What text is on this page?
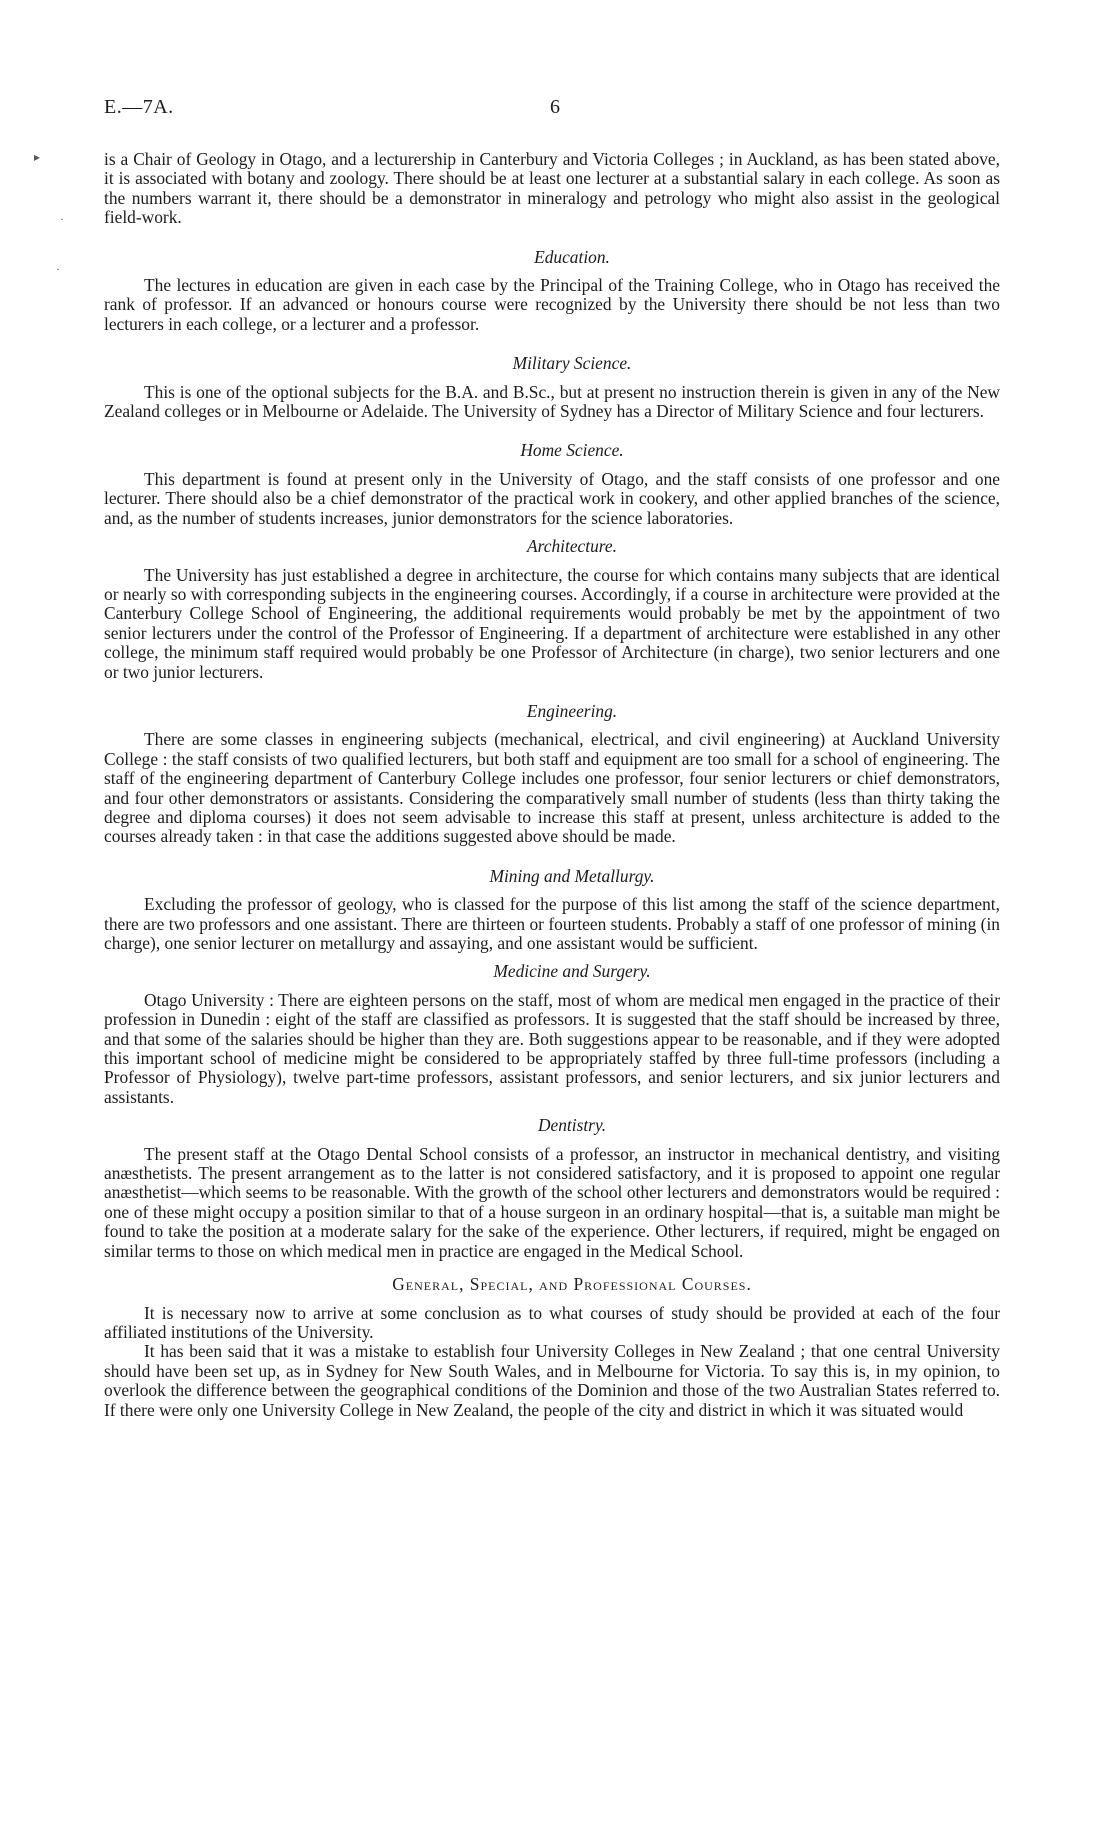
E.—7A.	6
▸
·
·

is a Chair of Geology in Otago, and a lecturership in Canterbury and Victoria Colleges ; in Auckland, as has been stated above, it is associated with botany and zoology. There should be at least one lecturer at a substantial salary in each college. As soon as the numbers warrant it, there should be a demonstrator in mineralogy and petrology who might also assist in the geological field-work.

Education.

The lectures in education are given in each case by the Principal of the Training College, who in Otago has received the rank of professor. If an advanced or honours course were recognized by the University there should be not less than two lecturers in each college, or a lecturer and a professor.

Military Science.

This is one of the optional subjects for the B.A. and B.Sc., but at present no instruction therein is given in any of the New Zealand colleges or in Melbourne or Adelaide. The University of Sydney has a Director of Military Science and four lecturers.

Home Science.

This department is found at present only in the University of Otago, and the staff consists of one professor and one lecturer. There should also be a chief demonstrator of the practical work in cookery, and other applied branches of the science, and, as the number of students increases, junior demonstrators for the science laboratories.

Architecture.

The University has just established a degree in architecture, the course for which contains many subjects that are identical or nearly so with corresponding subjects in the engineering courses. Accordingly, if a course in architecture were provided at the Canterbury College School of Engineering, the additional requirements would probably be met by the appointment of two senior lecturers under the control of the Professor of Engineering. If a department of architecture were established in any other college, the minimum staff required would probably be one Professor of Architecture (in charge), two senior lecturers and one or two junior lecturers.

Engineering.

There are some classes in engineering subjects (mechanical, electrical, and civil engineering) at Auckland University College : the staff consists of two qualified lecturers, but both staff and equipment are too small for a school of engineering. The staff of the engineering department of Canterbury College includes one professor, four senior lecturers or chief demonstrators, and four other demonstrators or assistants. Considering the comparatively small number of students (less than thirty taking the degree and diploma courses) it does not seem advisable to increase this staff at present, unless architecture is added to the courses already taken : in that case the additions suggested above should be made.

Mining and Metallurgy.

Excluding the professor of geology, who is classed for the purpose of this list among the staff of the science department, there are two professors and one assistant. There are thirteen or fourteen students. Probably a staff of one professor of mining (in charge), one senior lecturer on metallurgy and assaying, and one assistant would be sufficient.

Medicine and Surgery.

Otago University : There are eighteen persons on the staff, most of whom are medical men engaged in the practice of their profession in Dunedin : eight of the staff are classified as professors. It is suggested that the staff should be increased by three, and that some of the salaries should be higher than they are. Both suggestions appear to be reasonable, and if they were adopted this important school of medicine might be considered to be appropriately staffed by three full-time professors (including a Professor of Physiology), twelve part-time professors, assistant professors, and senior lecturers, and six junior lecturers and assistants.

Dentistry.

The present staff at the Otago Dental School consists of a professor, an instructor in mechanical dentistry, and visiting anæsthetists. The present arrangement as to the latter is not considered satisfactory, and it is proposed to appoint one regular anæsthetist—which seems to be reasonable. With the growth of the school other lecturers and demonstrators would be required : one of these might occupy a position similar to that of a house surgeon in an ordinary hospital—that is, a suitable man might be found to take the position at a moderate salary for the sake of the experience. Other lecturers, if required, might be engaged on similar terms to those on which medical men in practice are engaged in the Medical School.

General, Special, and Professional Courses.

It is necessary now to arrive at some conclusion as to what courses of study should be provided at each of the four affiliated institutions of the University.

It has been said that it was a mistake to establish four University Colleges in New Zealand ; that one central University should have been set up, as in Sydney for New South Wales, and in Melbourne for Victoria. To say this is, in my opinion, to overlook the difference between the geographical conditions of the Dominion and those of the two Australian States referred to. If there were only one University College in New Zealand, the people of the city and district in which it was situated would
